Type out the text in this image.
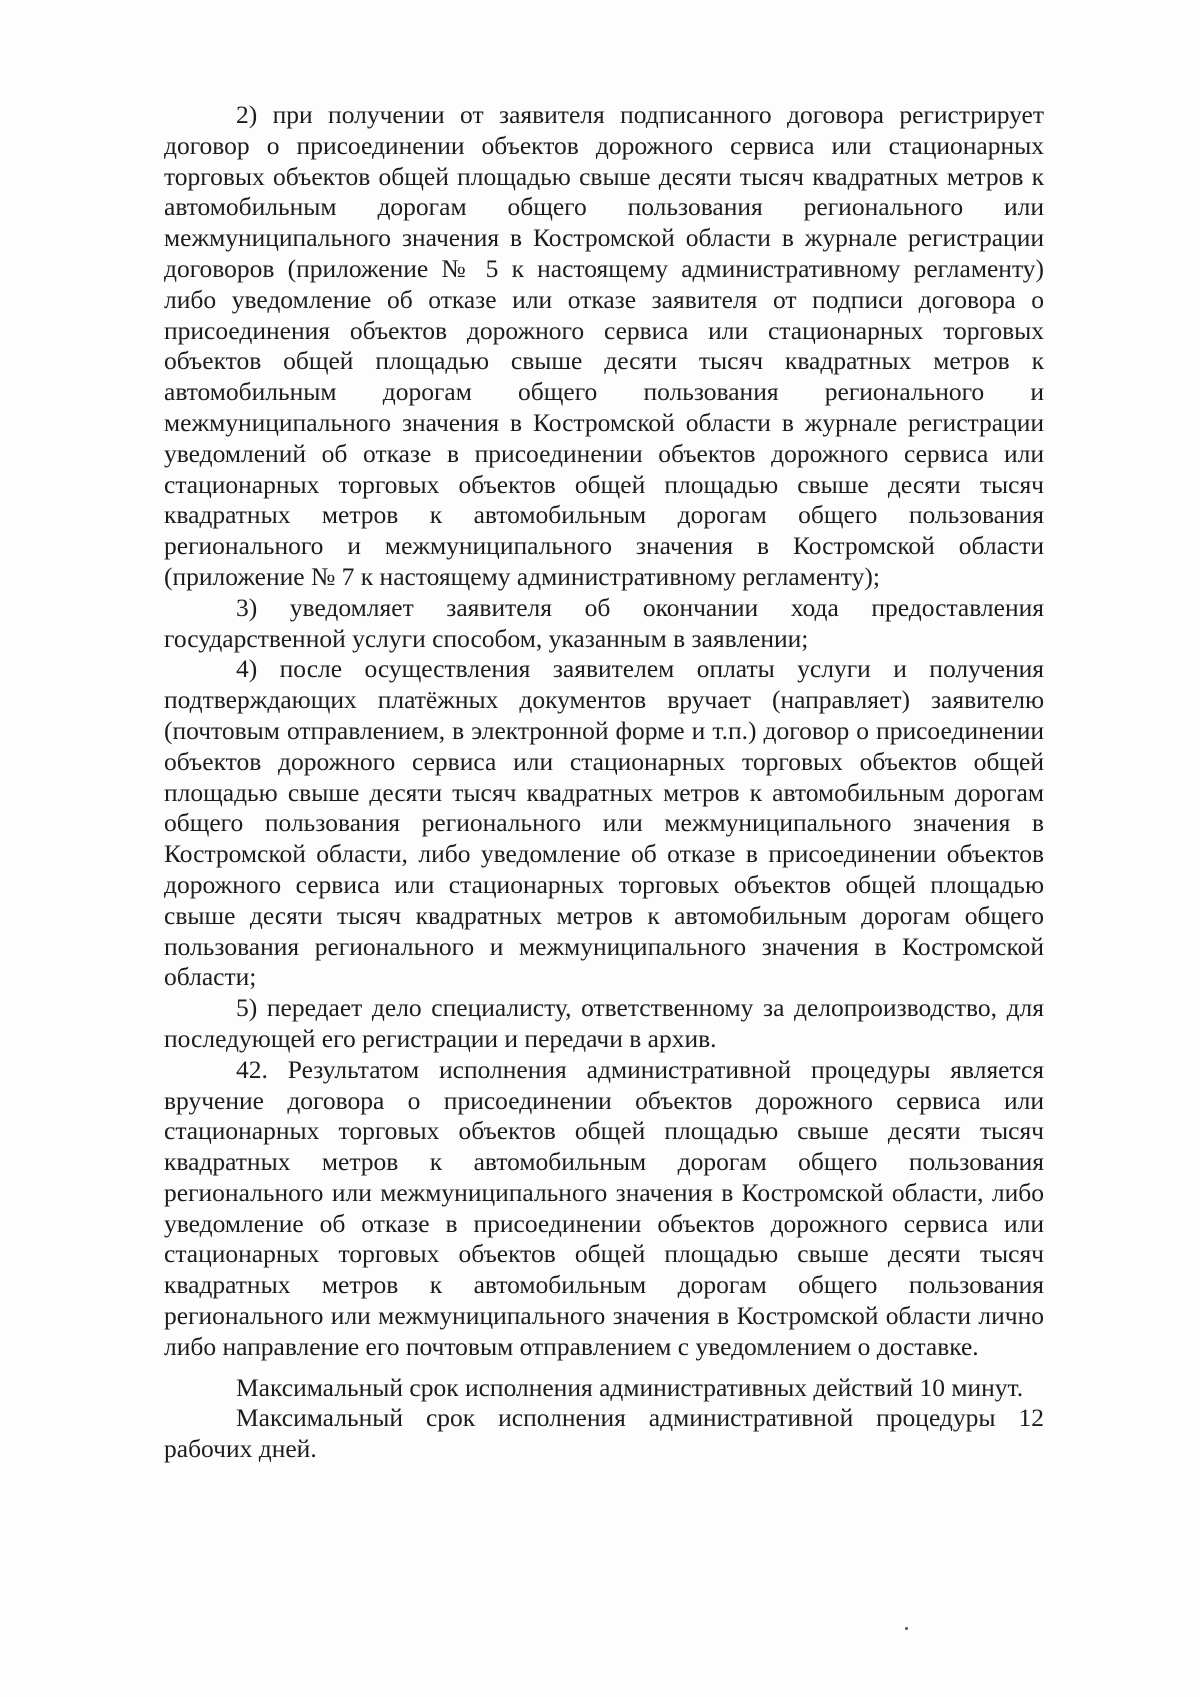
2) при получении от заявителя подписанного договора регистрирует договор о присоединении объектов дорожного сервиса или стационарных торговых объектов общей площадью свыше десяти тысяч квадратных метров к автомобильным дорогам общего пользования регионального или межмуниципального значения в Костромской области в журнале регистрации договоров (приложение № 5 к настоящему административному регламенту) либо уведомление об отказе или отказе заявителя от подписи договора о присоединения объектов дорожного сервиса или стационарных торговых объектов общей площадью свыше десяти тысяч квадратных метров к автомобильным дорогам общего пользования регионального и межмуниципального значения в Костромской области в журнале регистрации уведомлений об отказе в присоединении объектов дорожного сервиса или стационарных торговых объектов общей площадью свыше десяти тысяч квадратных метров к автомобильным дорогам общего пользования регионального и межмуниципального значения в Костромской области (приложение № 7 к настоящему административному регламенту);

3) уведомляет заявителя об окончании хода предоставления государственной услуги способом, указанным в заявлении;

4) после осуществления заявителем оплаты услуги и получения подтверждающих платёжных документов вручает (направляет) заявителю (почтовым отправлением, в электронной форме и т.п.) договор о присоединении объектов дорожного сервиса или стационарных торговых объектов общей площадью свыше десяти тысяч квадратных метров к автомобильным дорогам общего пользования регионального или межмуниципального значения в Костромской области, либо уведомление об отказе в присоединении объектов дорожного сервиса или стационарных торговых объектов общей площадью свыше десяти тысяч квадратных метров к автомобильным дорогам общего пользования регионального и межмуниципального значения в Костромской области;

5) передает дело специалисту, ответственному за делопроизводство, для последующей его регистрации и передачи в архив.

42. Результатом исполнения административной процедуры является вручение договора о присоединении объектов дорожного сервиса или стационарных торговых объектов общей площадью свыше десяти тысяч квадратных метров к автомобильным дорогам общего пользования регионального или межмуниципального значения в Костромской области, либо уведомление об отказе в присоединении объектов дорожного сервиса или стационарных торговых объектов общей площадью свыше десяти тысяч квадратных метров к автомобильным дорогам общего пользования регионального или межмуниципального значения в Костромской области лично либо направление его почтовым отправлением с уведомлением о доставке.

Максимальный срок исполнения административных действий 10 минут.

Максимальный срок исполнения административной процедуры 12 рабочих дней.
